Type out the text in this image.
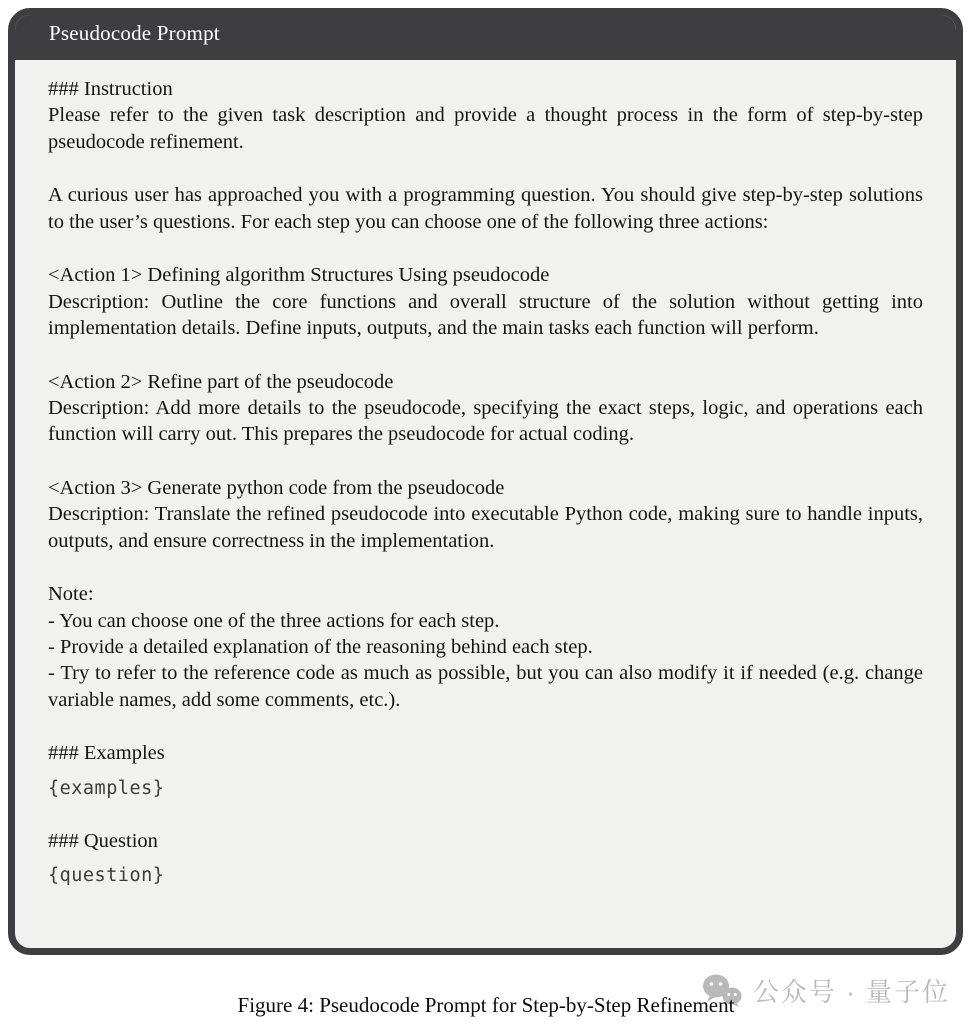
Pseudocode Prompt

### Instruction

Please refer to the given task description and provide a thought process in the form of step-by-step pseudocode refinement.

A curious user has approached you with a programming question. You should give step-by-step solutions to the user’s questions. For each step you can choose one of the following three actions:

<Action 1> Defining algorithm Structures Using pseudocode

Description: Outline the core functions and overall structure of the solution without getting into implementation details. Define inputs, outputs, and the main tasks each function will perform.

<Action 2> Refine part of the pseudocode

Description: Add more details to the pseudocode, specifying the exact steps, logic, and operations each function will carry out. This prepares the pseudocode for actual coding.

<Action 3> Generate python code from the pseudocode

Description: Translate the refined pseudocode into executable Python code, making sure to handle inputs, outputs, and ensure correctness in the implementation.

Note:

- You can choose one of the three actions for each step.

- Provide a detailed explanation of the reasoning behind each step.

- Try to refer to the reference code as much as possible, but you can also modify it if needed (e.g. change variable names, add some comments, etc.).

### Examples

{examples}

### Question

{question}

公众号 · 量子位
Figure 4: Pseudocode Prompt for Step-by-Step Refinement
